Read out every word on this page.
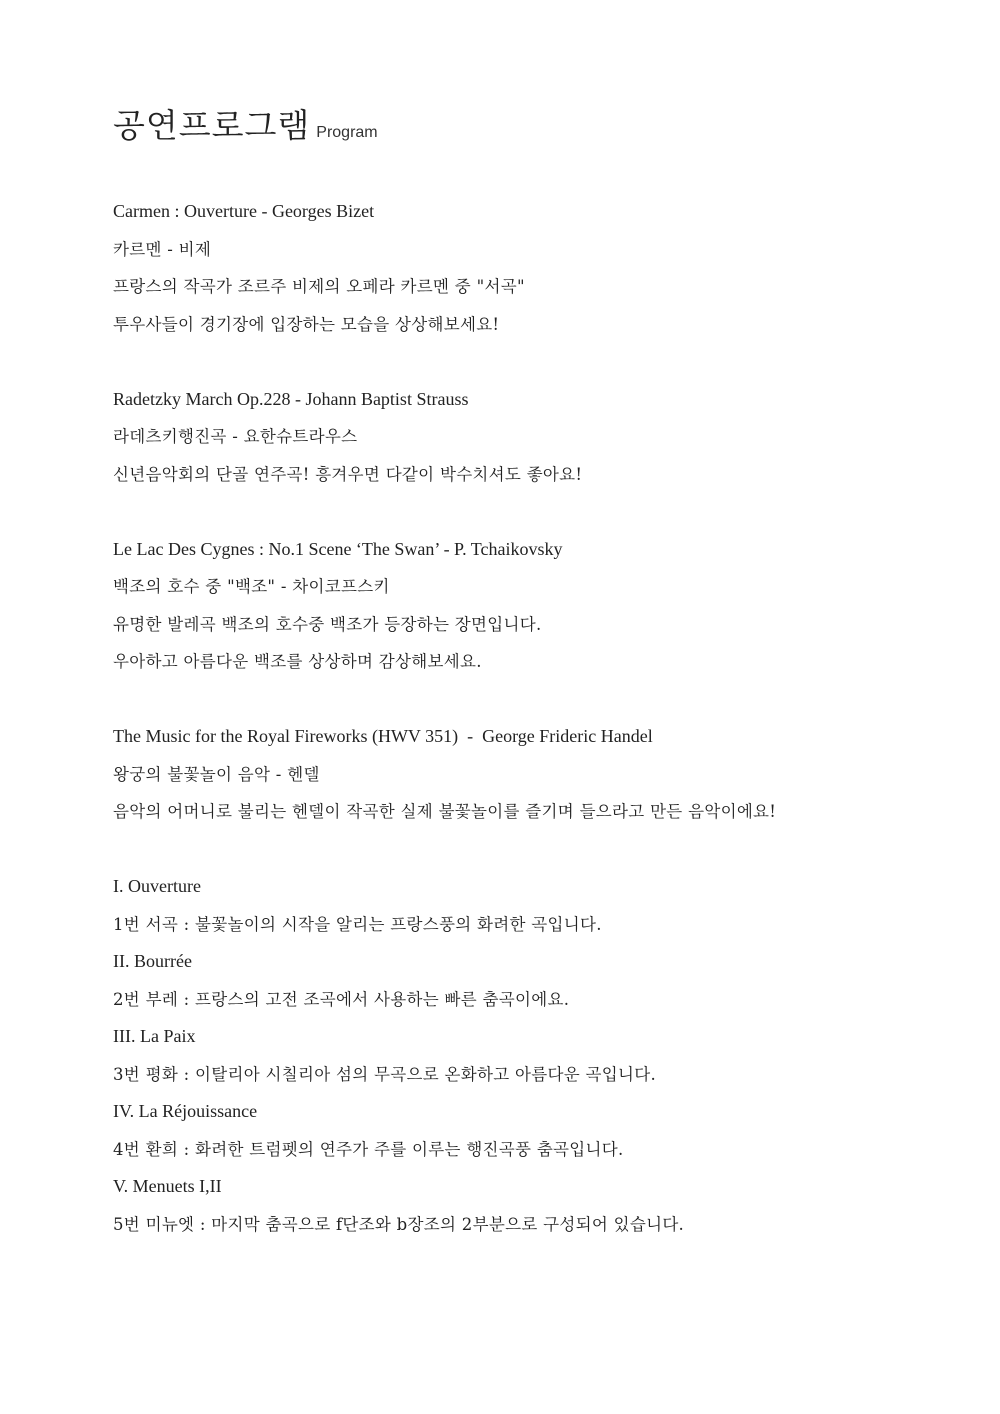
공연프로그램 Program
Carmen : Ouverture - Georges Bizet
카르멘 - 비제
프랑스의 작곡가 조르주 비제의 오페라 카르멘 중 "서곡"
투우사들이 경기장에 입장하는 모습을 상상해보세요!
Radetzky March Op.228 - Johann Baptist Strauss
라데츠키행진곡 - 요한슈트라우스
신년음악회의 단골 연주곡! 흥겨우면 다같이 박수치셔도 좋아요!
Le Lac Des Cygnes : No.1 Scene ‘The Swan’ - P. Tchaikovsky
백조의 호수 중 "백조" - 차이코프스키
유명한 발레곡 백조의 호수중 백조가 등장하는 장면입니다.
우아하고 아름다운 백조를 상상하며 감상해보세요.
The Music for the Royal Fireworks (HWV 351)  -  George Frideric Handel
왕궁의 불꽃놀이 음악 - 헨델
음악의 어머니로 불리는 헨델이 작곡한 실제 불꽃놀이를 즐기며 들으라고 만든 음악이에요!
I. Ouverture
1번 서곡 : 불꽃놀이의 시작을 알리는 프랑스풍의 화려한 곡입니다.
II. Bourrée
2번 부레 : 프랑스의 고전 조곡에서 사용하는 빠른 춤곡이에요.
III. La Paix
3번 평화 : 이탈리아 시칠리아 섬의 무곡으로 온화하고 아름다운 곡입니다.
IV. La Réjouissance
4번 환희 : 화려한 트럼펫의 연주가 주를 이루는 행진곡풍 춤곡입니다.
V. Menuets I,II
5번 미뉴엣 : 마지막 춤곡으로 f단조와 b장조의 2부분으로 구성되어 있습니다.
